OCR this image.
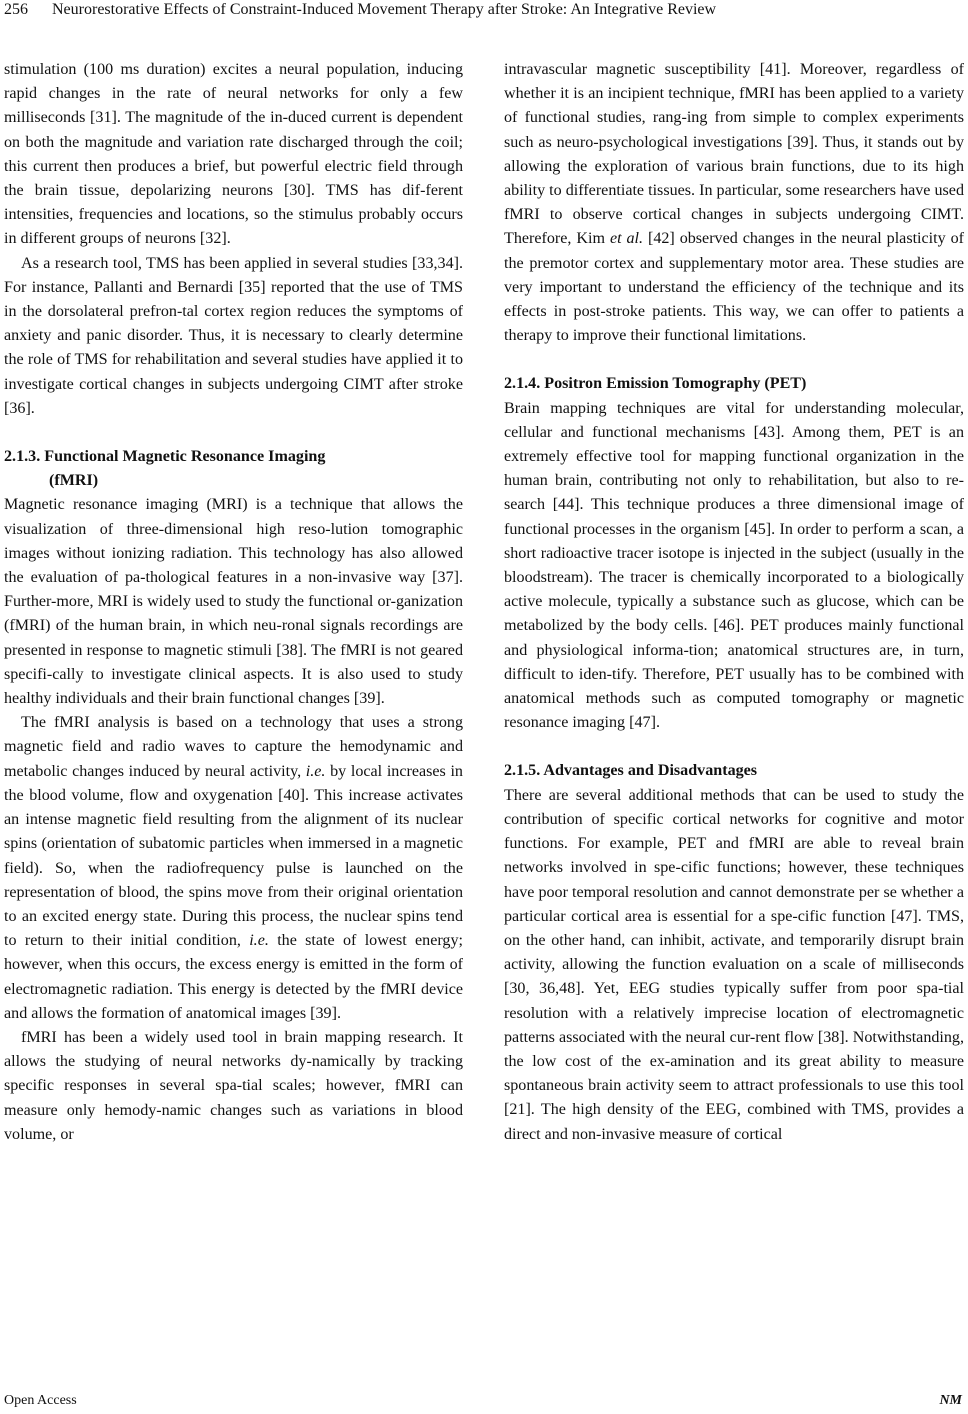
256 Neurorestorative Effects of Constraint-Induced Movement Therapy after Stroke: An Integrative Review

stimulation (100 ms duration) excites a neural population, inducing rapid changes in the rate of neural networks for only a few milliseconds [31]. The magnitude of the in-duced current is dependent on both the magnitude and variation rate discharged through the coil; this current then produces a brief, but powerful electric field through the brain tissue, depolarizing neurons [30]. TMS has dif-ferent intensities, frequencies and locations, so the stimulus probably occurs in different groups of neurons [32].

As a research tool, TMS has been applied in several studies [33,34]. For instance, Pallanti and Bernardi [35] reported that the use of TMS in the dorsolateral prefron-tal cortex region reduces the symptoms of anxiety and panic disorder. Thus, it is necessary to clearly determine the role of TMS for rehabilitation and several studies have applied it to investigate cortical changes in subjects undergoing CIMT after stroke [36].

2.1.3. Functional Magnetic Resonance Imaging
(fMRI)

Magnetic resonance imaging (MRI) is a technique that allows the visualization of three-dimensional high reso-lution tomographic images without ionizing radiation. This technology has also allowed the evaluation of pa-thological features in a non-invasive way [37]. Further-more, MRI is widely used to study the functional or-ganization (fMRI) of the human brain, in which neu-ronal signals recordings are presented in response to magnetic stimuli [38]. The fMRI is not geared specifi-cally to investigate clinical aspects. It is also used to study healthy individuals and their brain functional changes [39].

The fMRI analysis is based on a technology that uses a strong magnetic field and radio waves to capture the hemodynamic and metabolic changes induced by neural activity, i.e. by local increases in the blood volume, flow and oxygenation [40]. This increase activates an intense magnetic field resulting from the alignment of its nuclear spins (orientation of subatomic particles when immersed in a magnetic field). So, when the radiofrequency pulse is launched on the representation of blood, the spins move from their original orientation to an excited energy state. During this process, the nuclear spins tend to return to their initial condition, i.e. the state of lowest energy; however, when this occurs, the excess energy is emitted in the form of electromagnetic radiation. This energy is detected by the fMRI device and allows the formation of anatomical images [39].

fMRI has been a widely used tool in brain mapping research. It allows the studying of neural networks dy-namically by tracking specific responses in several spa-tial scales; however, fMRI can measure only hemody-namic changes such as variations in blood volume, or

intravascular magnetic susceptibility [41]. Moreover, regardless of whether it is an incipient technique, fMRI has been applied to a variety of functional studies, rang-ing from simple to complex experiments such as neuro-psychological investigations [39]. Thus, it stands out by allowing the exploration of various brain functions, due to its high ability to differentiate tissues. In particular, some researchers have used fMRI to observe cortical changes in subjects undergoing CIMT. Therefore, Kim et al. [42] observed changes in the neural plasticity of the premotor cortex and supplementary motor area. These studies are very important to understand the efficiency of the technique and its effects in post-stroke patients. This way, we can offer to patients a therapy to improve their functional limitations.

2.1.4. Positron Emission Tomography (PET)

Brain mapping techniques are vital for understanding molecular, cellular and functional mechanisms [43]. Among them, PET is an extremely effective tool for mapping functional organization in the human brain, contributing not only to rehabilitation, but also to re-search [44]. This technique produces a three dimensional image of functional processes in the organism [45]. In order to perform a scan, a short radioactive tracer isotope is injected in the subject (usually in the bloodstream). The tracer is chemically incorporated to a biologically active molecule, typically a substance such as glucose, which can be metabolized by the body cells. [46]. PET produces mainly functional and physiological informa-tion; anatomical structures are, in turn, difficult to iden-tify. Therefore, PET usually has to be combined with anatomical methods such as computed tomography or magnetic resonance imaging [47].

2.1.5. Advantages and Disadvantages

There are several additional methods that can be used to study the contribution of specific cortical networks for cognitive and motor functions. For example, PET and fMRI are able to reveal brain networks involved in spe-cific functions; however, these techniques have poor temporal resolution and cannot demonstrate per se whether a particular cortical area is essential for a spe-cific function [47]. TMS, on the other hand, can inhibit, activate, and temporarily disrupt brain activity, allowing the function evaluation on a scale of milliseconds [30, 36,48]. Yet, EEG studies typically suffer from poor spa-tial resolution with a relatively imprecise location of electromagnetic patterns associated with the neural cur-rent flow [38]. Notwithstanding, the low cost of the ex-amination and its great ability to measure spontaneous brain activity seem to attract professionals to use this tool [21]. The high density of the EEG, combined with TMS, provides a direct and non-invasive measure of cortical

Open Access	NM
